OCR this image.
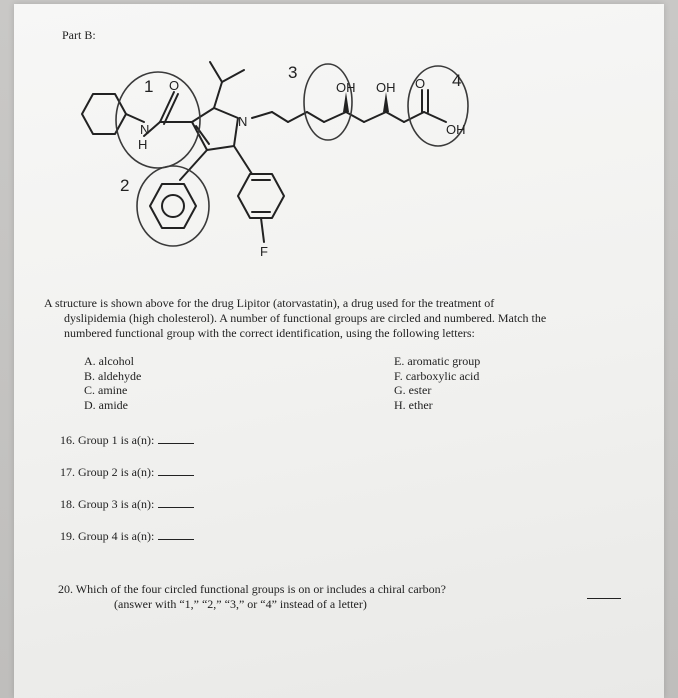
Part B:
N
H
O
N
OH OH O
OH
F
1
2
3	4

A structure is shown above for the drug Lipitor (atorvastatin), a drug used for the treatment of
dyslipidemia (high cholesterol). A number of functional groups are circled and numbered. Match the
numbered functional group with the correct identification, using the following letters:

A. alcohol
B. aldehyde
C. amine
D. amide
E. aromatic group
F. carboxylic acid
G. ester
H. ether
16. Group 1 is a(n):
17. Group 2 is a(n):
18. Group 3 is a(n):
19. Group 4 is a(n):
20. Which of the four circled functional groups is on or includes a chiral carbon?
(answer with “1,” “2,” “3,” or “4” instead of a letter)
